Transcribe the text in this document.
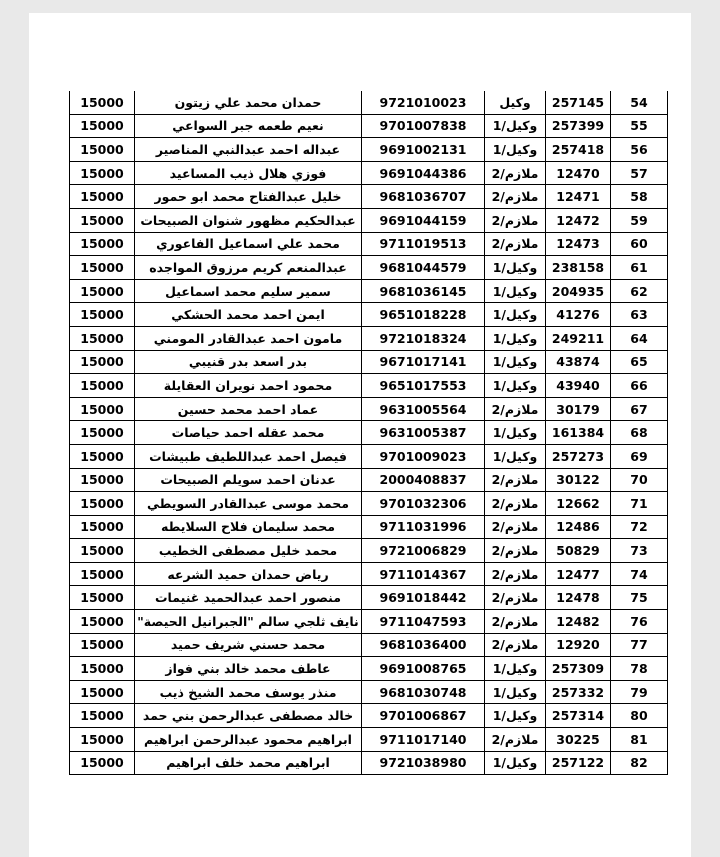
15000	حمدان محمد علي زيتون	9721010023	وكيل	257145	54
15000	نعيم طعمه جبر السواعي	9701007838	وكيل/1	257399	55
15000	عبداله احمد عبدالنبي المناصير	9691002131	وكيل/1	257418	56
15000	فوزي هلال ذيب المساعيد	9691044386	ملازم/2	12470	57
15000	خليل عبدالفتاح محمد ابو حمور	9681036707	ملازم/2	12471	58
15000	عبدالحكيم مظهور شنوان الصبيحات	9691044159	ملازم/2	12472	59
15000	محمد علي اسماعيل الفاعوري	9711019513	ملازم/2	12473	60
15000	عبدالمنعم كريم مرزوق المواجده	9681044579	وكيل/1	238158	61
15000	سمير سليم محمد اسماعيل	9681036145	وكيل/1	204935	62
15000	ايمن احمد محمد الحشكي	9651018228	وكيل/1	41276	63
15000	مامون احمد عبدالقادر المومني	9721018324	وكيل/1	249211	64
15000	بدر اسعد بدر قنيبي	9671017141	وكيل/1	43874	65
15000	محمود احمد نويران العقايلة	9651017553	وكيل/1	43940	66
15000	عماد احمد محمد حسين	9631005564	ملازم/2	30179	67
15000	محمد عقله احمد حياصات	9631005387	وكيل/1	161384	68
15000	فيصل احمد عبداللطيف طبيشات	9701009023	وكيل/1	257273	69
15000	عدنان احمد سويلم الصبيحات	2000408837	ملازم/2	30122	70
15000	محمد موسى عبدالقادر السويطي	9701032306	ملازم/2	12662	71
15000	محمد سليمان فلاح السلايطه	9711031996	ملازم/2	12486	72
15000	محمد خليل مصطفى الخطيب	9721006829	ملازم/2	50829	73
15000	رياض حمدان حميد الشرعه	9711014367	ملازم/2	12477	74
15000	منصور احمد عبدالحميد غنيمات	9691018442	ملازم/2	12478	75
15000	نايف ثلجي سالم "الجبرانيل الحيصة"	9711047593	ملازم/2	12482	76
15000	محمد حسني شريف حميد	9681036400	ملازم/2	12920	77
15000	عاطف محمد خالد بني فواز	9691008765	وكيل/1	257309	78
15000	منذر يوسف محمد الشيخ ذيب	9681030748	وكيل/1	257332	79
15000	خالد مصطفى عبدالرحمن بني حمد	9701006867	وكيل/1	257314	80
15000	ابراهيم محمود عبدالرحمن ابراهيم	9711017140	ملازم/2	30225	81
15000	ابراهيم محمد خلف ابراهيم	9721038980	وكيل/1	257122	82
